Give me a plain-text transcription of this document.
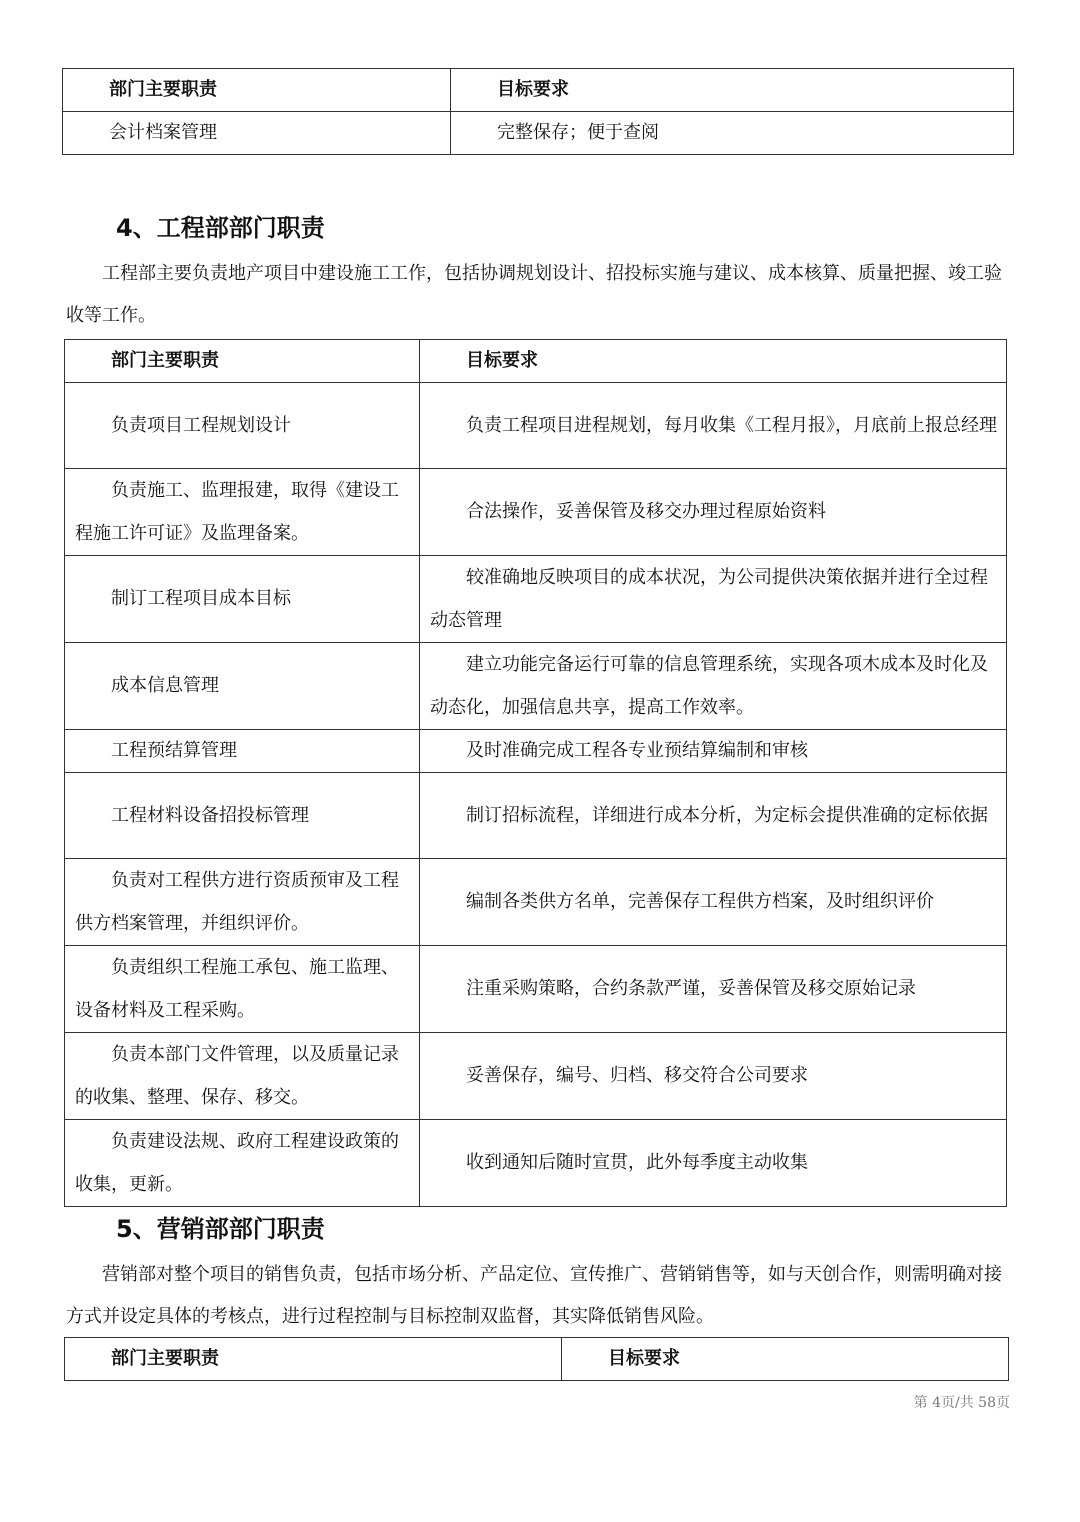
部门主要职责	目标要求
会计档案管理	完整保存；便于查阅
4、工程部部门职责

工程部主要负责地产项目中建设施工工作，包括协调规划设计、招投标实施与建议、成本核算、质量把握、竣工验收等工作。

部门主要职责	目标要求
负责项目工程规划设计	负责工程项目进程规划，每月收集《工程月报》，月底前上报总经理
负责施工、监理报建，取得《建设工程施工许可证》及监理备案。	合法操作，妥善保管及移交办理过程原始资料
制订工程项目成本目标	较准确地反映项目的成本状况，为公司提供决策依据并进行全过程动态管理
成本信息管理	建立功能完备运行可靠的信息管理系统，实现各项木成本及时化及动态化，加强信息共享，提高工作效率。
工程预结算管理	及时准确完成工程各专业预结算编制和审核
工程材料设备招投标管理	制订招标流程，详细进行成本分析，为定标会提供准确的定标依据
负责对工程供方进行资质预审及工程供方档案管理，并组织评价。	编制各类供方名单，完善保存工程供方档案，及时组织评价
负责组织工程施工承包、施工监理、设备材料及工程采购。	注重采购策略，合约条款严谨，妥善保管及移交原始记录
负责本部门文件管理，以及质量记录的收集、整理、保存、移交。	妥善保存，编号、归档、移交符合公司要求
负责建设法规、政府工程建设政策的收集，更新。	收到通知后随时宣贯，此外每季度主动收集
5、营销部部门职责

营销部对整个项目的销售负责，包括市场分析、产品定位、宣传推广、营销销售等，如与天创合作，则需明确对接方式并设定具体的考核点，进行过程控制与目标控制双监督，其实降低销售风险。

部门主要职责	目标要求
第 4页/共 58页
